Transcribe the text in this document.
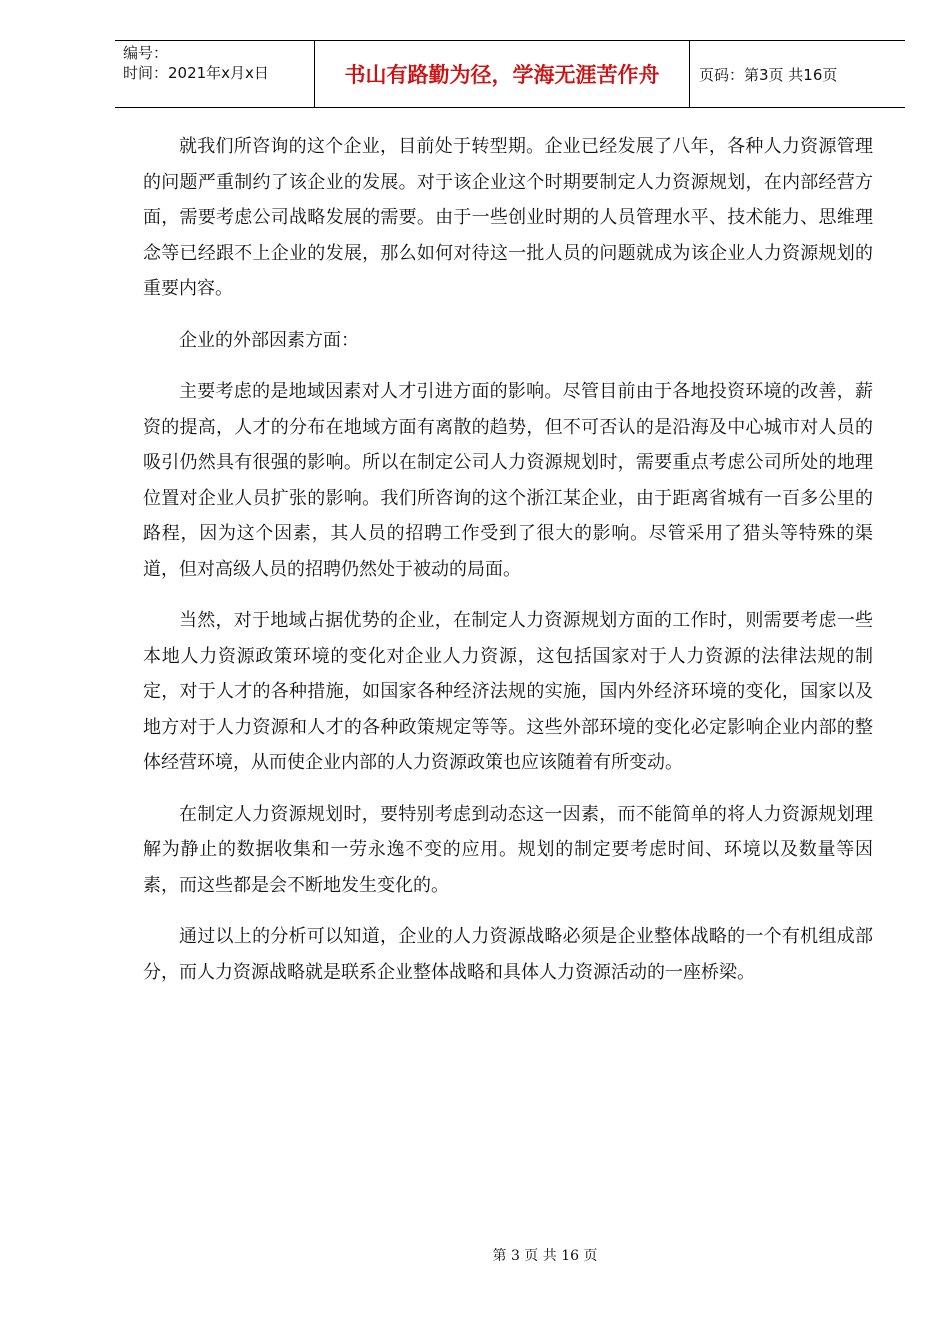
编号：
时间：2021年x月x日	书山有路勤为径，学海无涯苦作舟	页码：第3页 共16页

就我们所咨询的这个企业，目前处于转型期。企业已经发展了八年，各种人力资源管理的问题严重制约了该企业的发展。对于该企业这个时期要制定人力资源规划，在内部经营方面，需要考虑公司战略发展的需要。由于一些创业时期的人员管理水平、技术能力、思维理念等已经跟不上企业的发展，那么如何对待这一批人员的问题就成为该企业人力资源规划的重要内容。

企业的外部因素方面：

主要考虑的是地域因素对人才引进方面的影响。尽管目前由于各地投资环境的改善，薪资的提高，人才的分布在地域方面有离散的趋势，但不可否认的是沿海及中心城市对人员的吸引仍然具有很强的影响。所以在制定公司人力资源规划时，需要重点考虑公司所处的地理位置对企业人员扩张的影响。我们所咨询的这个浙江某企业，由于距离省城有一百多公里的路程，因为这个因素，其人员的招聘工作受到了很大的影响。尽管采用了猎头等特殊的渠道，但对高级人员的招聘仍然处于被动的局面。

当然，对于地域占据优势的企业，在制定人力资源规划方面的工作时，则需要考虑一些本地人力资源政策环境的变化对企业人力资源，这包括国家对于人力资源的法律法规的制定，对于人才的各种措施，如国家各种经济法规的实施，国内外经济环境的变化，国家以及地方对于人力资源和人才的各种政策规定等等。这些外部环境的变化必定影响企业内部的整体经营环境，从而使企业内部的人力资源政策也应该随着有所变动。

在制定人力资源规划时，要特别考虑到动态这一因素，而不能简单的将人力资源规划理解为静止的数据收集和一劳永逸不变的应用。规划的制定要考虑时间、环境以及数量等因素，而这些都是会不断地发生变化的。

通过以上的分析可以知道，企业的人力资源战略必须是企业整体战略的一个有机组成部分，而人力资源战略就是联系企业整体战略和具体人力资源活动的一座桥梁。

第 3 页 共 16 页
